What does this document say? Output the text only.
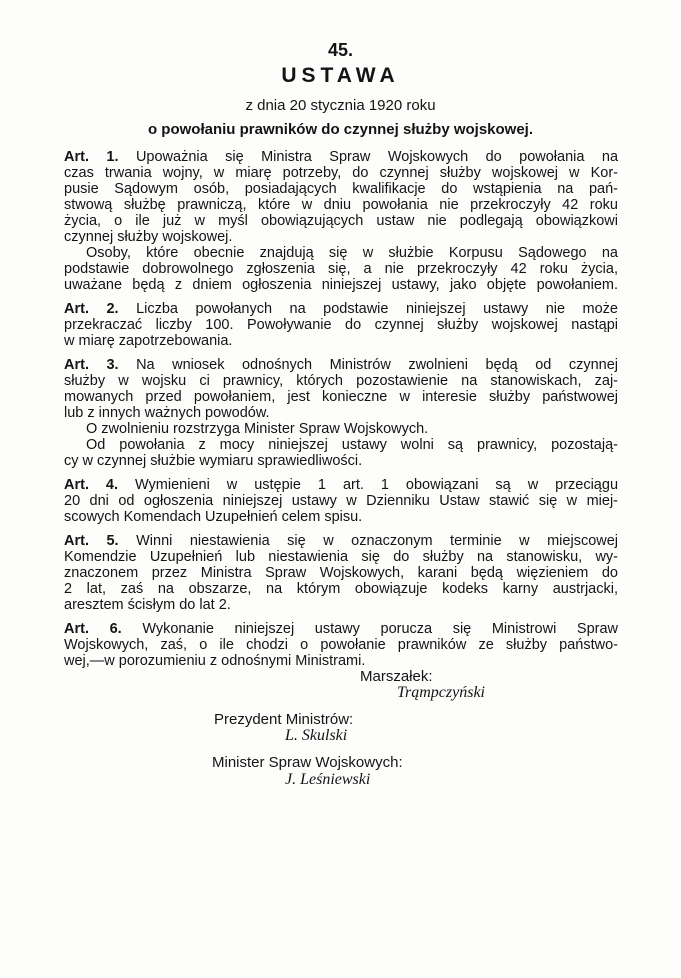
45.
USTAWA
z dnia 20 stycznia 1920 roku
o powołaniu prawników do czynnej służby wojskowej.
Art. 1. Upoważnia się Ministra Spraw Wojskowych do powołania na
czas trwania wojny, w miarę potrzeby, do czynnej służby wojskowej w Kor-
pusie Sądowym osób, posiadających kwalifikacje do wstąpienia na pań-
stwową służbę prawniczą, które w dniu powołania nie przekroczyły 42 roku
życia, o ile już w myśl obowiązujących ustaw nie podlegają obowiązkowi
czynnej służby wojskowej.
Osoby, które obecnie znajdują się w służbie Korpusu Sądowego na
podstawie dobrowolnego zgłoszenia się, a nie przekroczyły 42 roku życia,
uważane będą z dniem ogłoszenia niniejszej ustawy, jako objęte powołaniem.
Art. 2. Liczba powołanych na podstawie niniejszej ustawy nie może
przekraczać liczby 100. Powoływanie do czynnej służby wojskowej nastąpi
w miarę zapotrzebowania.
Art. 3. Na wniosek odnośnych Ministrów zwolnieni będą od czynnej
służby w wojsku ci prawnicy, których pozostawienie na stanowiskach, zaj-
mowanych przed powołaniem, jest konieczne w interesie służby państwowej
lub z innych ważnych powodów.
O zwolnieniu rozstrzyga Minister Spraw Wojskowych.
Od powołania z mocy niniejszej ustawy wolni są prawnicy, pozostają-
cy w czynnej służbie wymiaru sprawiedliwości.
Art. 4. Wymienieni w ustępie 1 art. 1 obowiązani są w przeciągu
20 dni od ogłoszenia niniejszej ustawy w Dzienniku Ustaw stawić się w miej-
scowych Komendach Uzupełnień celem spisu.
Art. 5. Winni niestawienia się w oznaczonym terminie w miejscowej
Komendzie Uzupełnień lub niestawienia się do służby na stanowisku, wy-
znaczonem przez Ministra Spraw Wojskowych, karani będą więzieniem do
2 lat, zaś na obszarze, na którym obowiązuje kodeks karny austrjacki,
aresztem ścisłym do lat 2.
Art. 6. Wykonanie niniejszej ustawy porucza się Ministrowi Spraw
Wojskowych, zaś, o ile chodzi o powołanie prawników ze służby państwo-
wej,—w porozumieniu z odnośnymi Ministrami.
Marszałek:
Trąmpczyński
Prezydent Ministrów:
L. Skulski
Minister Spraw Wojskowych:
J. Leśniewski
